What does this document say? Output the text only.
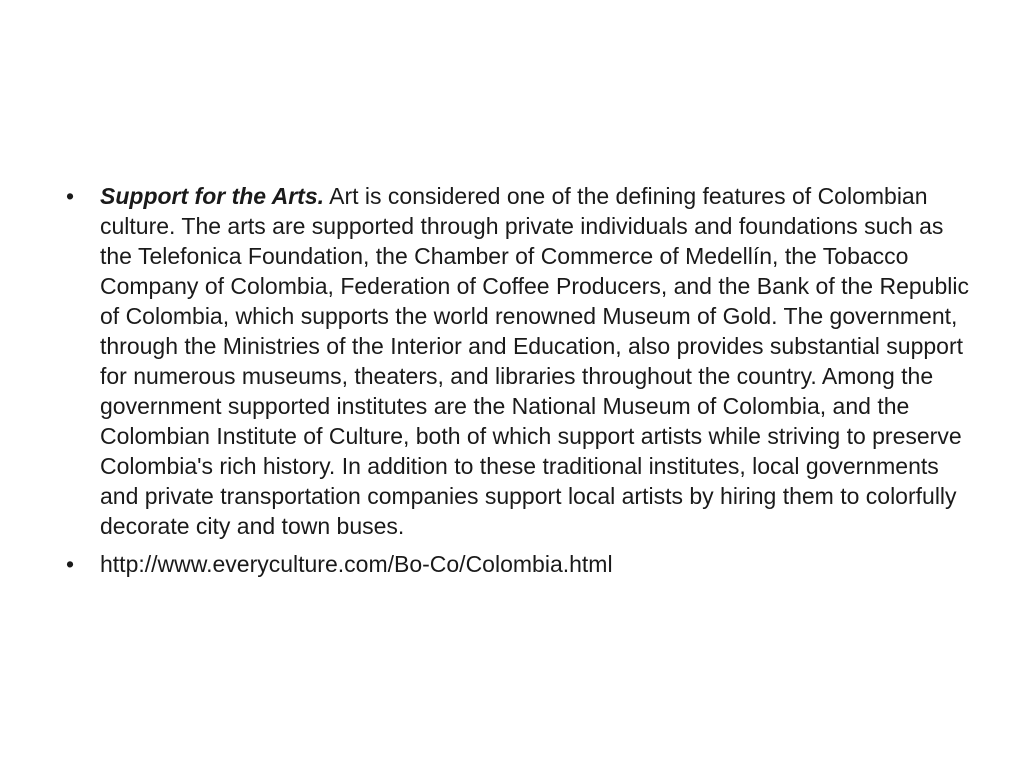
• Support for the Arts. Art is considered one of the defining features of Colombian culture. The arts are supported through private individuals and foundations such as the Telefonica Foundation, the Chamber of Commerce of Medellín, the Tobacco Company of Colombia, Federation of Coffee Producers, and the Bank of the Republic of Colombia, which supports the world renowned Museum of Gold. The government, through the Ministries of the Interior and Education, also provides substantial support for numerous museums, theaters, and libraries throughout the country. Among the government supported institutes are the National Museum of Colombia, and the Colombian Institute of Culture, both of which support artists while striving to preserve Colombia's rich history. In addition to these traditional institutes, local governments and private transportation companies support local artists by hiring them to colorfully decorate city and town buses.
• http://www.everyculture.com/Bo-Co/Colombia.html
